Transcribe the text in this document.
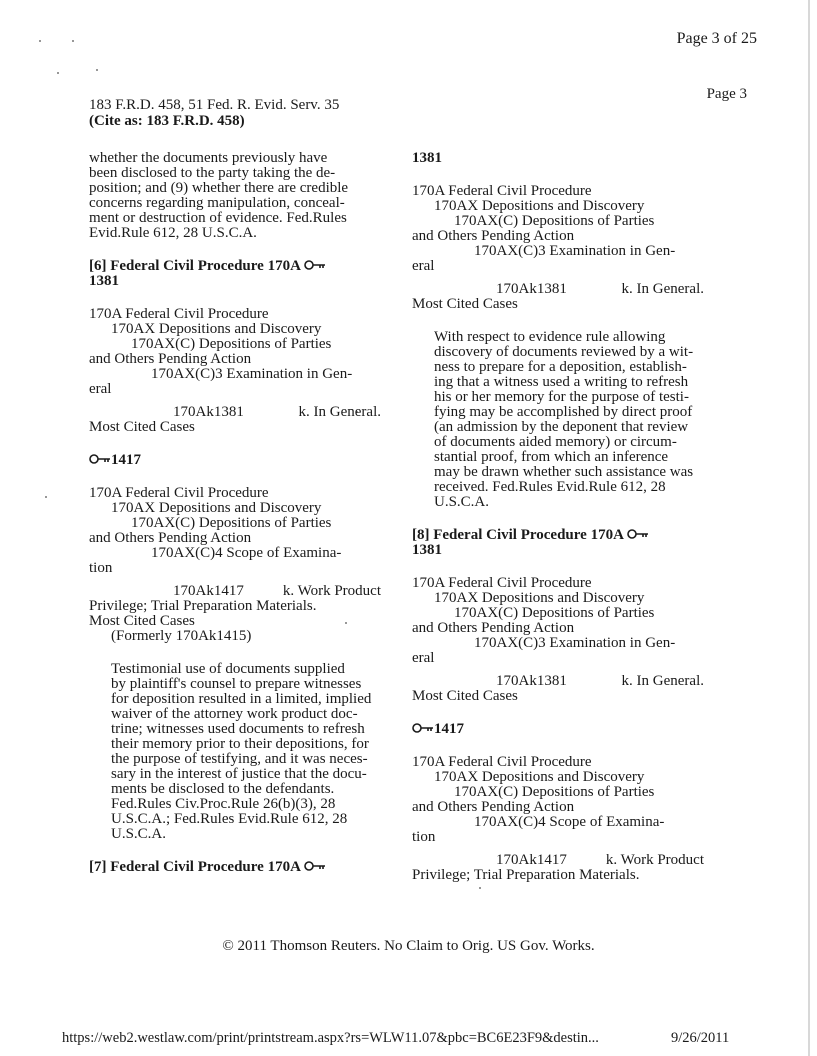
Page 3 of 25
Page 3
183 F.R.D. 458, 51 Fed. R. Evid. Serv. 35
(Cite as: 183 F.R.D. 458)
whether the documents previously have
been disclosed to the party taking the de-
position; and (9) whether there are credible
concerns regarding manipulation, conceal-
ment or destruction of evidence. Fed.Rules
Evid.Rule 612, 28 U.S.C.A.

[6] Federal Civil Procedure 170A

1381

170A Federal Civil Procedure
170AX Depositions and Discovery
170AX(C) Depositions of Parties
and Others Pending Action
170AX(C)3 Examination in Gen-
eral
170Ak1381	k. In General.
Most Cited Cases

1417

170A Federal Civil Procedure
170AX Depositions and Discovery
170AX(C) Depositions of Parties
and Others Pending Action
170AX(C)4 Scope of Examina-
tion
170Ak1417	k. Work Product
Privilege; Trial Preparation Materials.
Most Cited Cases
(Formerly 170Ak1415)
Testimonial use of documents supplied
by plaintiff's counsel to prepare witnesses
for deposition resulted in a limited, implied
waiver of the attorney work product doc-
trine; witnesses used documents to refresh
their memory prior to their depositions, for
the purpose of testifying, and it was neces-
sary in the interest of justice that the docu-
ments be disclosed to the defendants.
Fed.Rules Civ.Proc.Rule 26(b)(3), 28
U.S.C.A.; Fed.Rules Evid.Rule 612, 28
U.S.C.A.

[7] Federal Civil Procedure 170A

1381

170A Federal Civil Procedure
170AX Depositions and Discovery
170AX(C) Depositions of Parties
and Others Pending Action
170AX(C)3 Examination in Gen-
eral
170Ak1381	k. In General.
Most Cited Cases
With respect to evidence rule allowing
discovery of documents reviewed by a wit-
ness to prepare for a deposition, establish-
ing that a witness used a writing to refresh
his or her memory for the purpose of testi-
fying may be accomplished by direct proof
(an admission by the deponent that review
of documents aided memory) or circum-
stantial proof, from which an inference
may be drawn whether such assistance was
received. Fed.Rules Evid.Rule 612, 28
U.S.C.A.

[8] Federal Civil Procedure 170A

1381

170A Federal Civil Procedure
170AX Depositions and Discovery
170AX(C) Depositions of Parties
and Others Pending Action
170AX(C)3 Examination in Gen-
eral
170Ak1381	k. In General.
Most Cited Cases

1417

170A Federal Civil Procedure
170AX Depositions and Discovery
170AX(C) Depositions of Parties
and Others Pending Action
170AX(C)4 Scope of Examina-
tion
170Ak1417	k. Work Product
Privilege; Trial Preparation Materials.
© 2011 Thomson Reuters. No Claim to Orig. US Gov. Works.
https://web2.westlaw.com/print/printstream.aspx?rs=WLW11.07&pbc=BC6E23F9&destin...	9/26/2011
